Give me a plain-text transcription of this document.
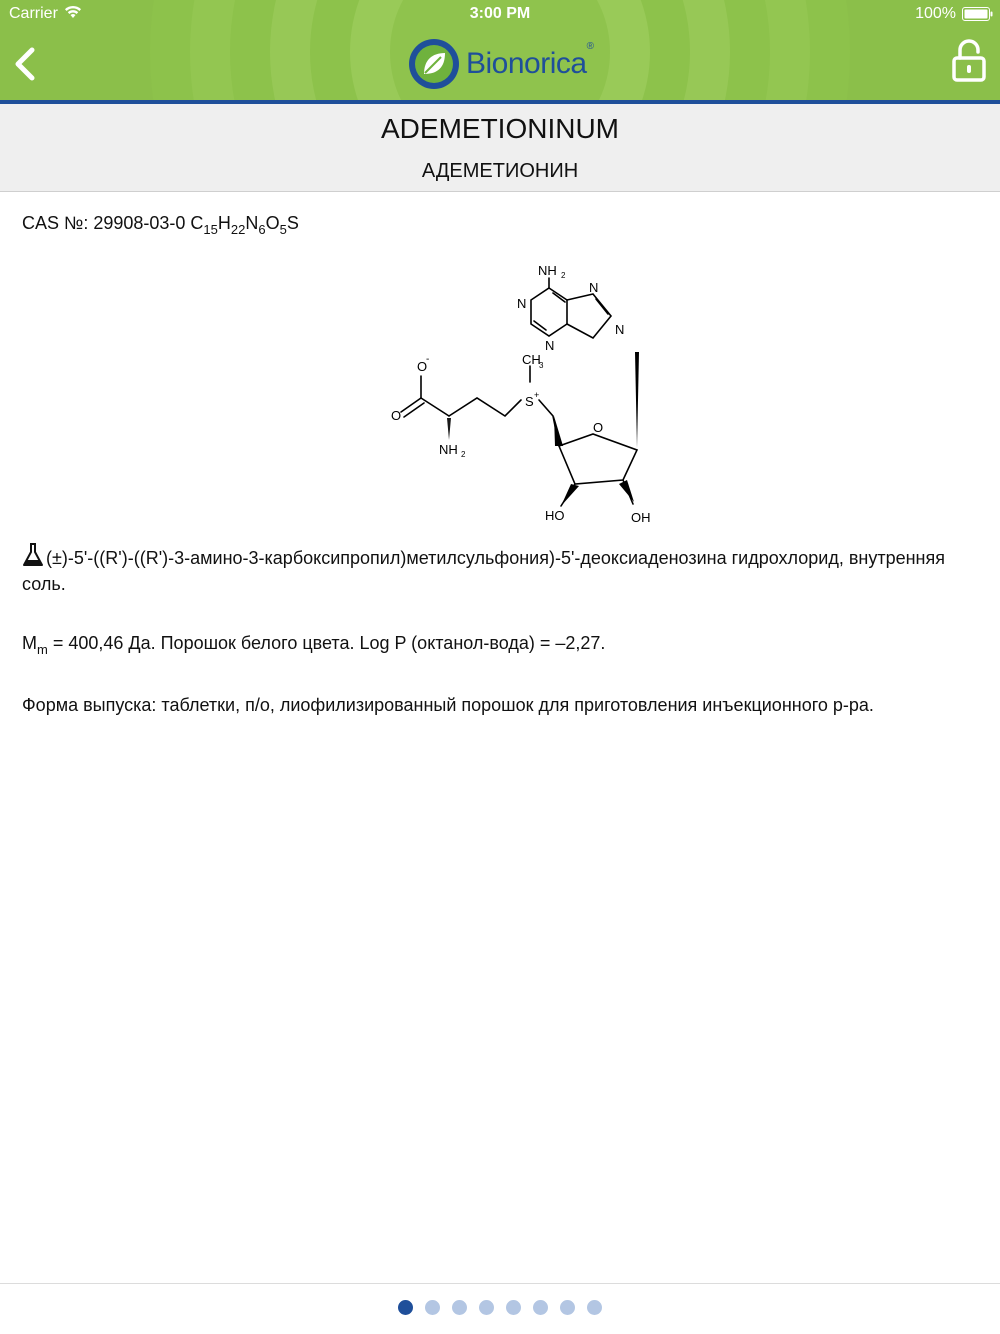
Carrier	3:00 PM	100%
Bionorica®
ADEMETIONINUM
АДЕМЕТИОНИН
CAS №: 29908-03-0 $C_{15}H_{22}N_6O_5S$
NH 2
N
N
N
N
CH
3
S +
O
-
O
NH 2
O
HO	OH
(±)-5'-((R')-((R')-3-амино-3-карбоксипропил)метилсульфония)-5'-деоксиаденозина гидрохлорид, внутренняя соль.
$M_m = 400,46$ Да. Порошок белого цвета. Log P (октанол-вода) = –2,27.
Форма выпуска: таблетки, п/о, лиофилизированный порошок для приготовления инъекционного р-ра.
